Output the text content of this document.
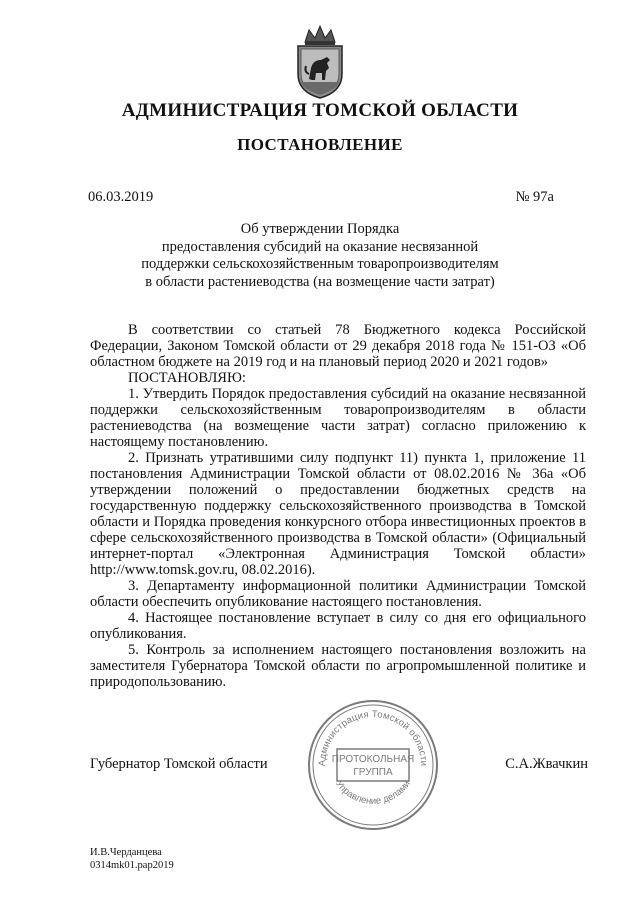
АДМИНИСТРАЦИЯ ТОМСКОЙ ОБЛАСТИ
ПОСТАНОВЛЕНИЕ
06.03.2019	№ 97а
Об утверждении Порядка
предоставления субсидий на оказание несвязанной
поддержки сельскохозяйственным товаропроизводителям
в области растениеводства (на возмещение части затрат)

В соответствии со статьей 78 Бюджетного кодекса Российской Федерации, Законом Томской области от 29 декабря 2018 года № 151-ОЗ «Об областном бюджете на 2019 год и на плановый период 2020 и 2021 годов»

ПОСТАНОВЛЯЮ:

1. Утвердить Порядок предоставления субсидий на оказание несвязанной поддержки сельскохозяйственным товаропроизводителям в области растениеводства (на возмещение части затрат) согласно приложению к настоящему постановлению.

2. Признать утратившими силу подпункт 11) пункта 1, приложение 11 постановления Администрации Томской области от 08.02.2016 № 36а «Об утверждении положений о предоставлении бюджетных средств на государственную поддержку сельскохозяйственного производства в Томской области и Порядка проведения конкурсного отбора инвестиционных проектов в сфере сельскохозяйственного производства в Томской области» (Официальный интернет-портал «Электронная Администрация Томской области» http://www.tomsk.gov.ru, 08.02.2016).

3. Департаменту информационной политики Администрации Томской области обеспечить опубликование настоящего постановления.

4. Настоящее постановление вступает в силу со дня его официального опубликования.

5. Контроль за исполнением настоящего постановления возложить на заместителя Губернатора Томской области по агропромышленной политике и природопользованию.

Губернатор Томской области	С.А.Жвачкин
Администрация Томской области
Управление делами
ПРОТОКОЛЬНАЯ
ГРУППА
И.В.Черданцева
0314mk01.pap2019
